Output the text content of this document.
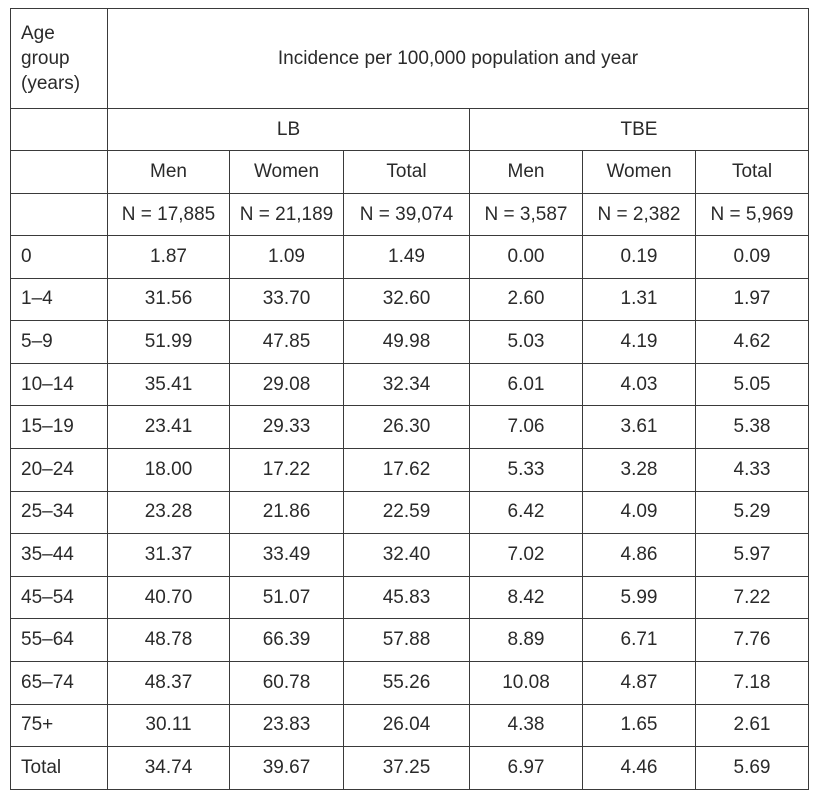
Age group (years)	Incidence per 100,000 population and year					
	LB			TBE		
	Men	Women	Total	Men	Women	Total
	N = 17,885	N = 21,189	N = 39,074	N = 3,587	N = 2,382	N = 5,969
0	1.87	1.09	1.49	0.00	0.19	0.09
1–4	31.56	33.70	32.60	2.60	1.31	1.97
5–9	51.99	47.85	49.98	5.03	4.19	4.62
10–14	35.41	29.08	32.34	6.01	4.03	5.05
15–19	23.41	29.33	26.30	7.06	3.61	5.38
20–24	18.00	17.22	17.62	5.33	3.28	4.33
25–34	23.28	21.86	22.59	6.42	4.09	5.29
35–44	31.37	33.49	32.40	7.02	4.86	5.97
45–54	40.70	51.07	45.83	8.42	5.99	7.22
55–64	48.78	66.39	57.88	8.89	6.71	7.76
65–74	48.37	60.78	55.26	10.08	4.87	7.18
75+	30.11	23.83	26.04	4.38	1.65	2.61
Total	34.74	39.67	37.25	6.97	4.46	5.69
